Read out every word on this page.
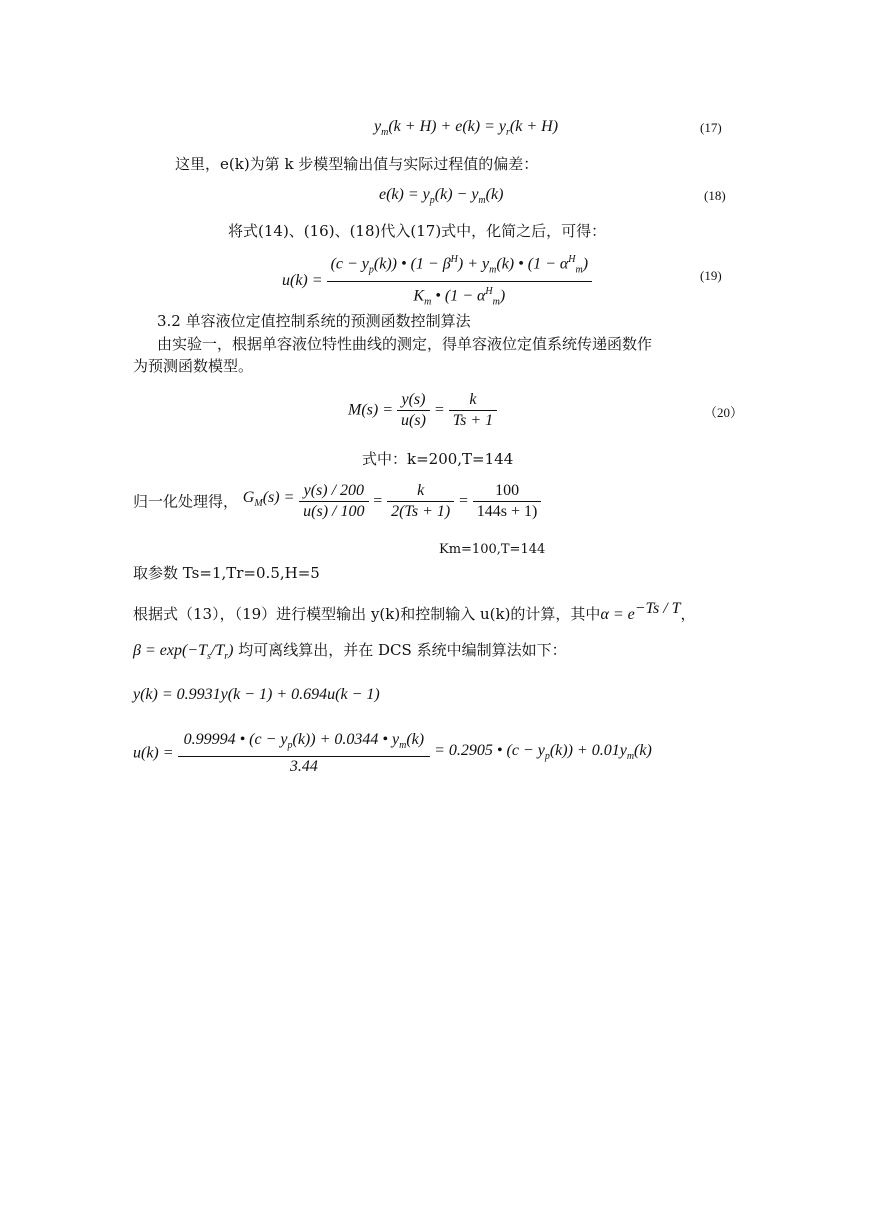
$y_m(k + H) + e(k) = y_r(k + H)$	(17)
这里，e(k)为第 k 步模型输出值与实际过程值的偏差：
$e(k) = y_p(k) - y_m(k)$	(18)
将式(14)、(16)、(18)代入(17)式中，化简之后，可得：
$u(k) = \frac{(c - y_p(k)) • (1 - \beta^H) + y_m(k) • (1 - \alpha^H_m)}{K_m • (1 - \alpha^H_m)}$	(19)
3.2 单容液位定值控制系统的预测函数控制算法
由实验一，根据单容液位特性曲线的测定，得单容液位定值系统传递函数作
为预测函数模型。
$M(s) = \frac{y(s)}{u(s)} = \frac{k}{Ts + 1}$	（20）
式中：k=200,T=144
归一化处理得， $G_M(s) = \frac{y(s) / 200}{u(s) / 100} = \frac{k}{2(Ts + 1)} = \frac{100}{144s + 1)}$
Km=100,T=144
取参数 Ts=1,Tr=0.5,H=5
根据式（13），（19）进行模型输出 y(k)和控制输入 u(k)的计算，其中$\alpha = e^{-Ts / T}$，
$\beta = \exp(-T_s/T_r)$ 均可离线算出，并在 DCS 系统中编制算法如下：
y(k) = 0.9931y(k − 1) + 0.694u(k − 1)
$u(k) = \frac{0.99994 • (c - y_p(k)) + 0.0344 • y_m(k)}{3.44} = 0.2905$ • $(c - y_p(k)) + 0.01y_m(k)$
